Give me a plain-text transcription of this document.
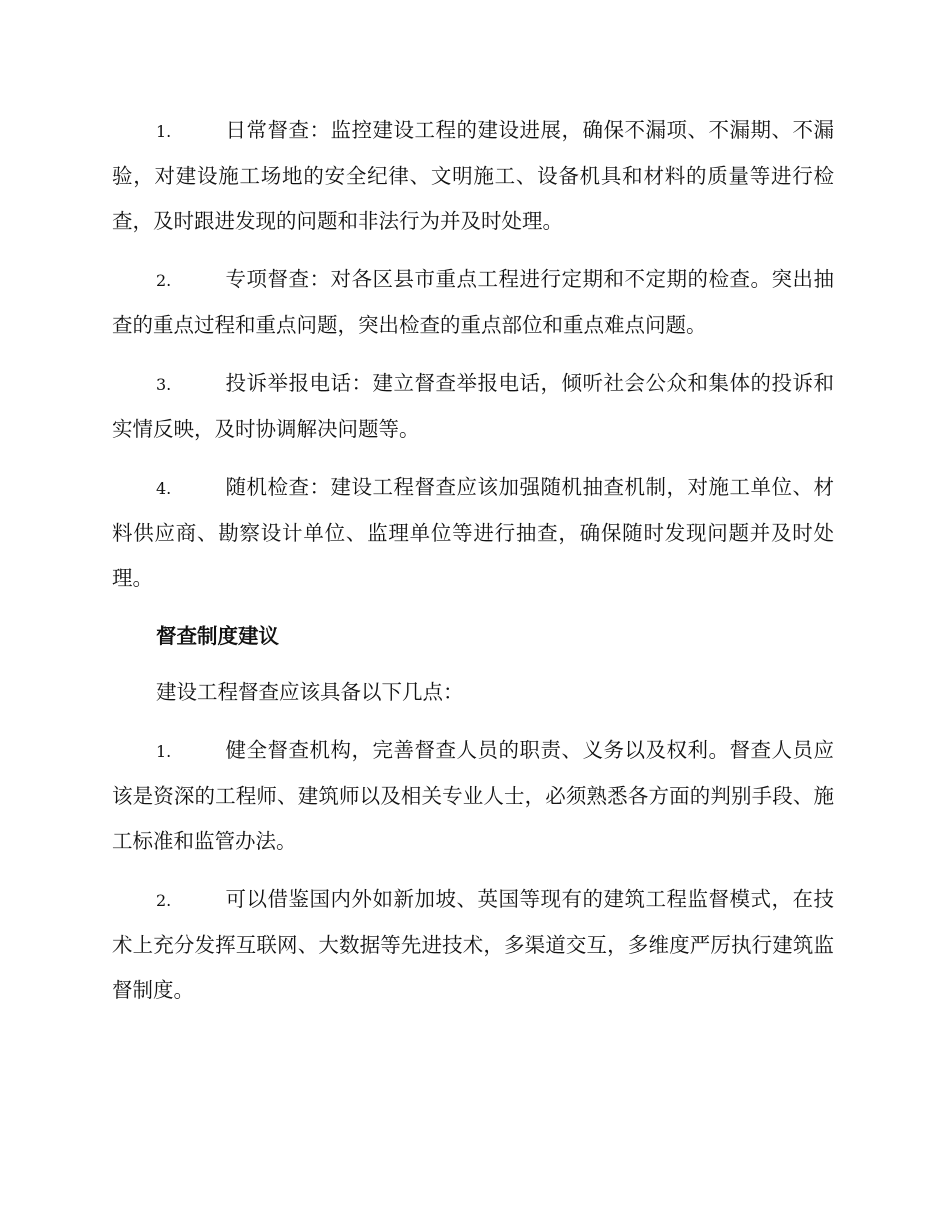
1.	日常督查：监控建设工程的建设进展，确保不漏项、不漏期、不漏验，对建设施工场地的安全纪律、文明施工、设备机具和材料的质量等进行检查，及时跟进发现的问题和非法行为并及时处理。

2.	专项督查：对各区县市重点工程进行定期和不定期的检查。突出抽查的重点过程和重点问题，突出检查的重点部位和重点难点问题。

3.	投诉举报电话：建立督查举报电话，倾听社会公众和集体的投诉和实情反映，及时协调解决问题等。

4.	随机检查：建设工程督查应该加强随机抽查机制，对施工单位、材料供应商、勘察设计单位、监理单位等进行抽查，确保随时发现问题并及时处理。

督查制度建议

建设工程督查应该具备以下几点：

1.	健全督查机构，完善督查人员的职责、义务以及权利。督查人员应该是资深的工程师、建筑师以及相关专业人士，必须熟悉各方面的判别手段、施工标准和监管办法。

2.	可以借鉴国内外如新加坡、英国等现有的建筑工程监督模式，在技术上充分发挥互联网、大数据等先进技术，多渠道交互，多维度严厉执行建筑监督制度。
